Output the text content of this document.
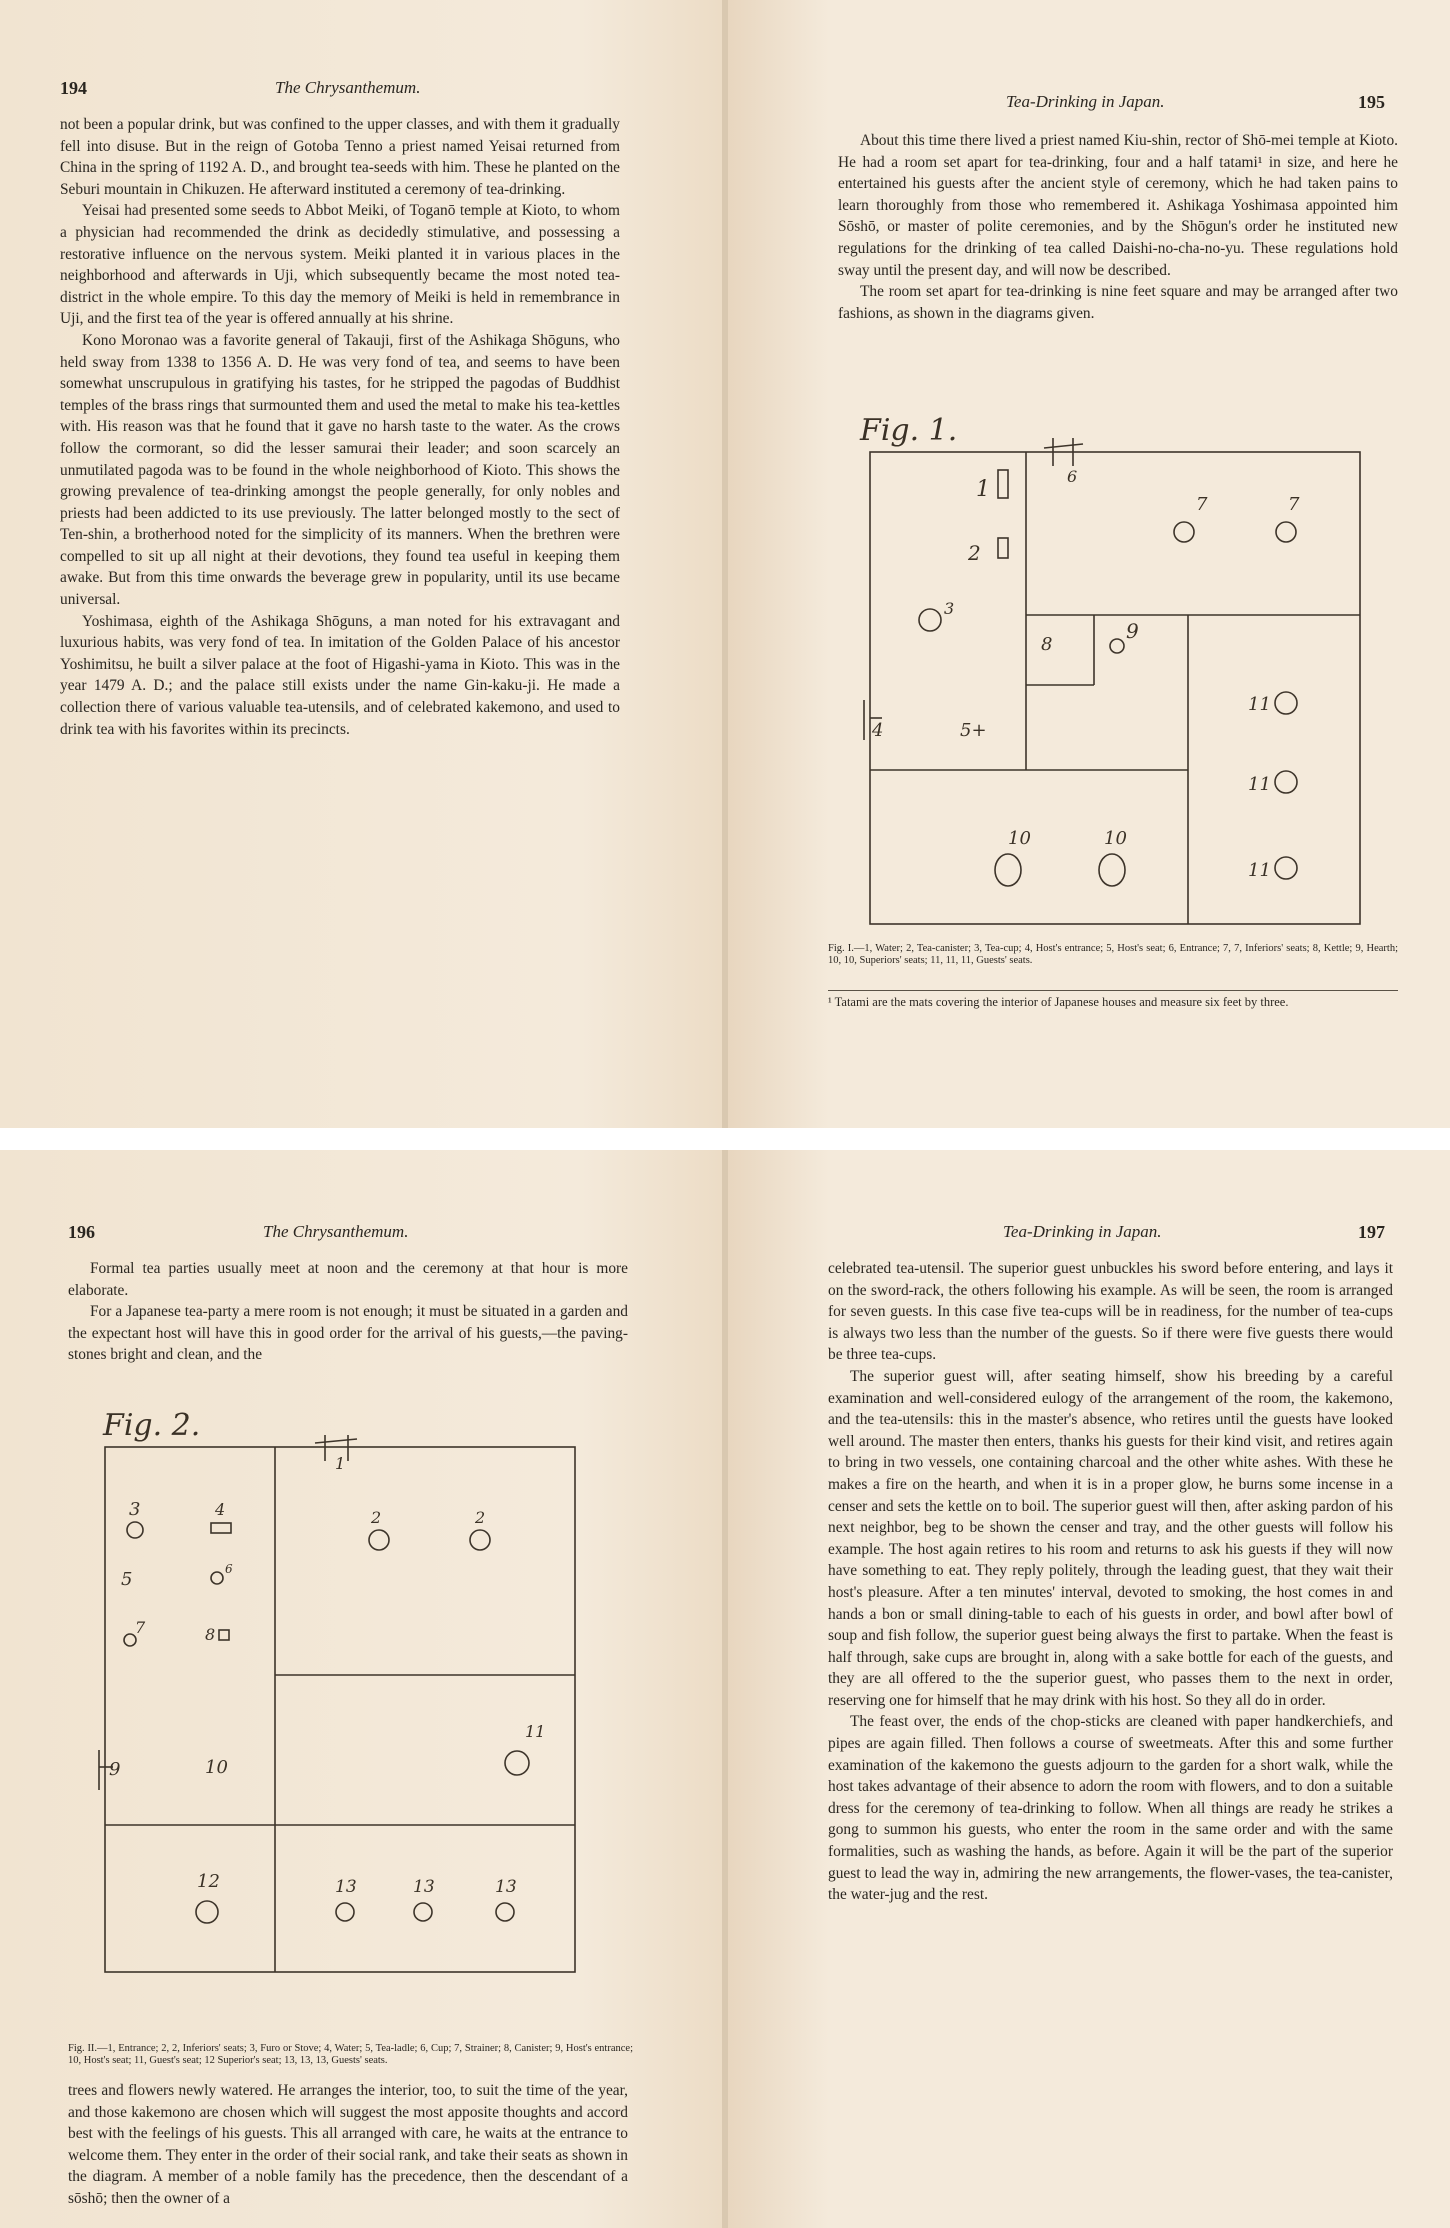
194	The Chrysanthemum.

not been a popular drink, but was confined to the upper classes, and with them it gradually fell into disuse. But in the reign of Gotoba Tenno a priest named Yeisai returned from China in the spring of 1192 A. D., and brought tea-seeds with him. These he planted on the Seburi mountain in Chikuzen. He afterward instituted a ceremony of tea-drinking.

Yeisai had presented some seeds to Abbot Meiki, of Toganō temple at Kioto, to whom a physician had recommended the drink as decidedly stimulative, and possessing a restorative influence on the nervous system. Meiki planted it in various places in the neighborhood and afterwards in Uji, which subsequently became the most noted tea-district in the whole empire. To this day the memory of Meiki is held in remembrance in Uji, and the first tea of the year is offered annually at his shrine.

Kono Moronao was a favorite general of Takauji, first of the Ashikaga Shōguns, who held sway from 1338 to 1356 A. D. He was very fond of tea, and seems to have been somewhat unscrupulous in gratifying his tastes, for he stripped the pagodas of Buddhist temples of the brass rings that surmounted them and used the metal to make his tea-kettles with. His reason was that he found that it gave no harsh taste to the water. As the crows follow the cormorant, so did the lesser samurai their leader; and soon scarcely an unmutilated pagoda was to be found in the whole neighborhood of Kioto. This shows the growing prevalence of tea-drinking amongst the people generally, for only nobles and priests had been addicted to its use previously. The latter belonged mostly to the sect of Ten-shin, a brotherhood noted for the simplicity of its manners. When the brethren were compelled to sit up all night at their devotions, they found tea useful in keeping them awake. But from this time onwards the beverage grew in popularity, until its use became universal.

Yoshimasa, eighth of the Ashikaga Shōguns, a man noted for his extravagant and luxurious habits, was very fond of tea. In imitation of the Golden Palace of his ancestor Yoshimitsu, he built a silver palace at the foot of Higashi-yama in Kioto. This was in the year 1479 A. D.; and the palace still exists under the name Gin-kaku-ji. He made a collection there of various valuable tea-utensils, and of celebrated kakemono, and used to drink tea with his favorites within its precincts.

Tea-Drinking in Japan.	195

About this time there lived a priest named Kiu-shin, rector of Shō-mei temple at Kioto. He had a room set apart for tea-drinking, four and a half tatami¹ in size, and here he entertained his guests after the ancient style of ceremony, which he had taken pains to learn thoroughly from those who remembered it. Ashikaga Yoshimasa appointed him Sōshō, or master of polite ceremonies, and by the Shōgun's order he instituted new regulations for the drinking of tea called Daishi-no-cha-no-yu. These regulations hold sway until the present day, and will now be described.

The room set apart for tea-drinking is nine feet square and may be arranged after two fashions, as shown in the diagrams given.

Fig. 1.
1
2
3
4	5+
6
7	7
8
9
10	10
11
11
11
Fig. I.—1, Water; 2, Tea-canister; 3, Tea-cup; 4, Host's entrance; 5, Host's seat; 6, Entrance; 7, 7, Inferiors' seats; 8, Kettle; 9, Hearth; 10, 10, Superiors' seats; 11, 11, 11, Guests' seats.
¹ Tatami are the mats covering the interior of Japanese houses and measure six feet by three.
196	The Chrysanthemum.

Formal tea parties usually meet at noon and the ceremony at that hour is more elaborate.

For a Japanese tea-party a mere room is not enough; it must be situated in a garden and the expectant host will have this in good order for the arrival of his guests,—the paving-stones bright and clean, and the

Fig. 2.
1
2	2
3	4
5	6
7	8
9	10
11
12	13	13	13
Fig. II.—1, Entrance; 2, 2, Inferiors' seats; 3, Furo or Stove; 4, Water; 5, Tea-ladle; 6, Cup; 7, Strainer; 8, Canister; 9, Host's entrance; 10, Host's seat; 11, Guest's seat; 12 Superior's seat; 13, 13, 13, Guests' seats.

trees and flowers newly watered. He arranges the interior, too, to suit the time of the year, and those kakemono are chosen which will suggest the most apposite thoughts and accord best with the feelings of his guests. This all arranged with care, he waits at the entrance to welcome them. They enter in the order of their social rank, and take their seats as shown in the diagram. A member of a noble family has the precedence, then the descendant of a sōshō; then the owner of a

Tea-Drinking in Japan.	197

celebrated tea-utensil. The superior guest unbuckles his sword before entering, and lays it on the sword-rack, the others following his example. As will be seen, the room is arranged for seven guests. In this case five tea-cups will be in readiness, for the number of tea-cups is always two less than the number of the guests. So if there were five guests there would be three tea-cups.

The superior guest will, after seating himself, show his breeding by a careful examination and well-considered eulogy of the arrangement of the room, the kakemono, and the tea-utensils: this in the master's absence, who retires until the guests have looked well around. The master then enters, thanks his guests for their kind visit, and retires again to bring in two vessels, one containing charcoal and the other white ashes. With these he makes a fire on the hearth, and when it is in a proper glow, he burns some incense in a censer and sets the kettle on to boil. The superior guest will then, after asking pardon of his next neighbor, beg to be shown the censer and tray, and the other guests will follow his example. The host again retires to his room and returns to ask his guests if they will now have something to eat. They reply politely, through the leading guest, that they wait their host's pleasure. After a ten minutes' interval, devoted to smoking, the host comes in and hands a bon or small dining-table to each of his guests in order, and bowl after bowl of soup and fish follow, the superior guest being always the first to partake. When the feast is half through, sake cups are brought in, along with a sake bottle for each of the guests, and they are all offered to the the superior guest, who passes them to the next in order, reserving one for himself that he may drink with his host. So they all do in order.

The feast over, the ends of the chop-sticks are cleaned with paper handkerchiefs, and pipes are again filled. Then follows a course of sweetmeats. After this and some further examination of the kakemono the guests adjourn to the garden for a short walk, while the host takes advantage of their absence to adorn the room with flowers, and to don a suitable dress for the ceremony of tea-drinking to follow. When all things are ready he strikes a gong to summon his guests, who enter the room in the same order and with the same formalities, such as washing the hands, as before. Again it will be the part of the superior guest to lead the way in, admiring the new arrangements, the flower-vases, the tea-canister, the water-jug and the rest.
